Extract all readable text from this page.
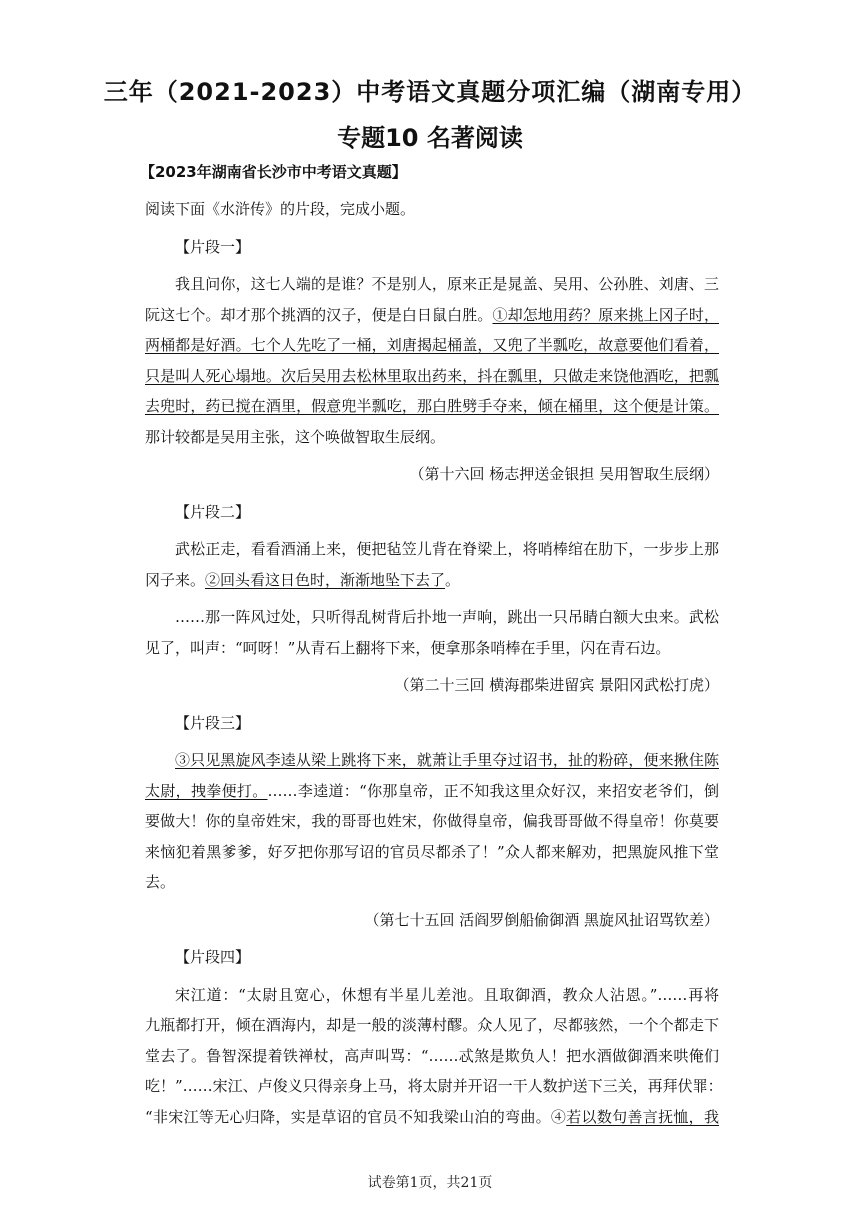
三年（2021-2023）中考语文真题分项汇编（湖南专用）
专题10 名著阅读
【2023年湖南省长沙市中考语文真题】
阅读下面《水浒传》的片段，完成小题。
【片段一】
我且问你，这七人端的是谁？不是别人，原来正是晁盖、吴用、公孙胜、刘唐、三
阮这七个。却才那个挑酒的汉子，便是白日鼠白胜。①却怎地用药？原来挑上冈子时，
两桶都是好酒。七个人先吃了一桶，刘唐揭起桶盖，又兜了半瓢吃，故意要他们看着，
只是叫人死心塌地。次后吴用去松林里取出药来，抖在瓢里，只做走来饶他酒吃，把瓢
去兜时，药已搅在酒里，假意兜半瓢吃，那白胜劈手夺来，倾在桶里，这个便是计策。
那计较都是吴用主张，这个唤做智取生辰纲。
（第十六回 杨志押送金银担 吴用智取生辰纲）
【片段二】
武松正走，看看酒涌上来，便把毡笠儿背在脊梁上，将哨棒绾在肋下，一步步上那
冈子来。②回头看这日色时，渐渐地坠下去了。
……那一阵风过处，只听得乱树背后扑地一声响，跳出一只吊睛白额大虫来。武松
见了，叫声：“呵呀！”从青石上翻将下来，便拿那条哨棒在手里，闪在青石边。
（第二十三回 横海郡柴进留宾 景阳冈武松打虎）
【片段三】
③只见黑旋风李逵从梁上跳将下来，就萧让手里夺过诏书，扯的粉碎，便来揪住陈
太尉，拽拳便打。……李逵道：“你那皇帝，正不知我这里众好汉，来招安老爷们，倒
要做大！你的皇帝姓宋，我的哥哥也姓宋，你做得皇帝，偏我哥哥做不得皇帝！你莫要
来恼犯着黑爹爹，好歹把你那写诏的官员尽都杀了！”众人都来解劝，把黑旋风推下堂
去。
（第七十五回 活阎罗倒船偷御酒 黑旋风扯诏骂钦差）
【片段四】
宋江道：“太尉且宽心，休想有半星儿差池。且取御酒，教众人沾恩。”……再将
九瓶都打开，倾在酒海内，却是一般的淡薄村醪。众人见了，尽都骇然，一个个都走下
堂去了。鲁智深提着铁禅杖，高声叫骂：“……忒煞是欺负人！把水酒做御酒来哄俺们
吃！”……宋江、卢俊义只得亲身上马，将太尉并开诏一干人数护送下三关，再拜伏罪：
“非宋江等无心归降，实是草诏的官员不知我梁山泊的弯曲。④若以数句善言抚恤，我
试卷第1页，共21页
